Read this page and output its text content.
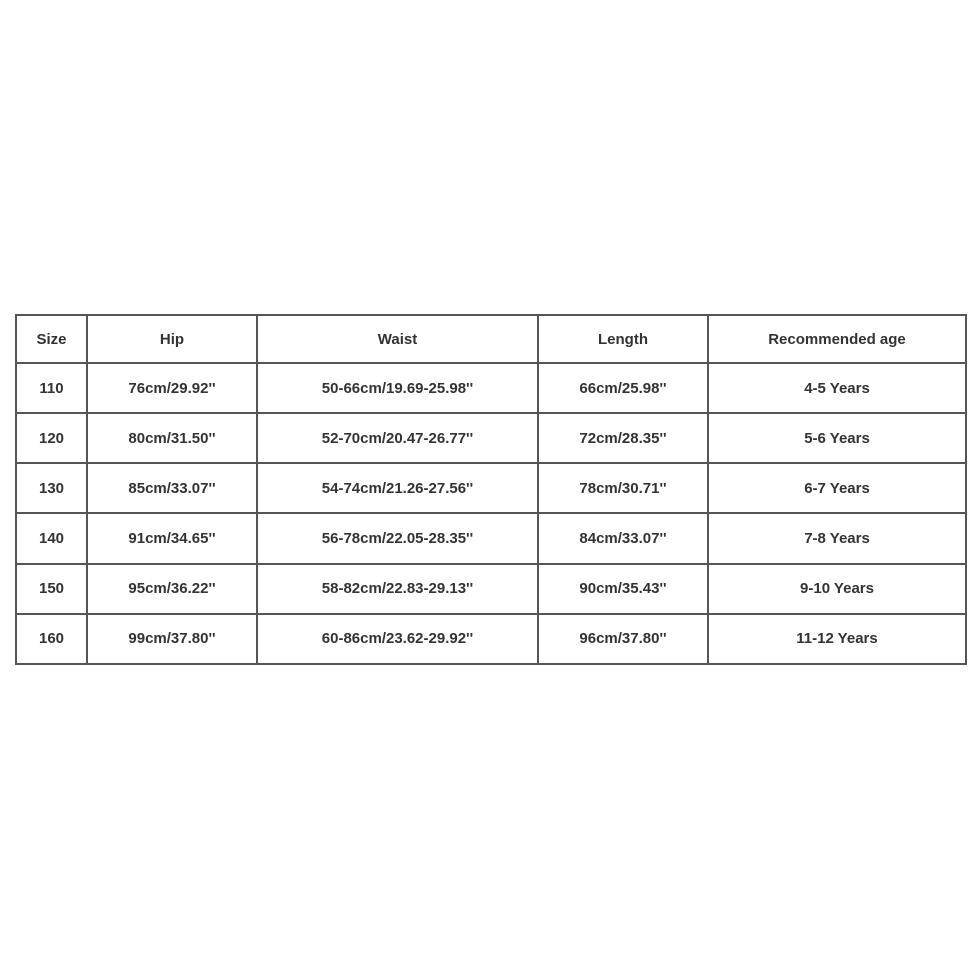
Size	Hip	Waist	Length	Recommended age
110	76cm/29.92''	50-66cm/19.69-25.98''	66cm/25.98''	4-5 Years
120	80cm/31.50''	52-70cm/20.47-26.77''	72cm/28.35''	5-6 Years
130	85cm/33.07''	54-74cm/21.26-27.56''	78cm/30.71''	6-7 Years
140	91cm/34.65''	56-78cm/22.05-28.35''	84cm/33.07''	7-8 Years
150	95cm/36.22''	58-82cm/22.83-29.13''	90cm/35.43''	9-10 Years
160	99cm/37.80''	60-86cm/23.62-29.92''	96cm/37.80''	11-12 Years
